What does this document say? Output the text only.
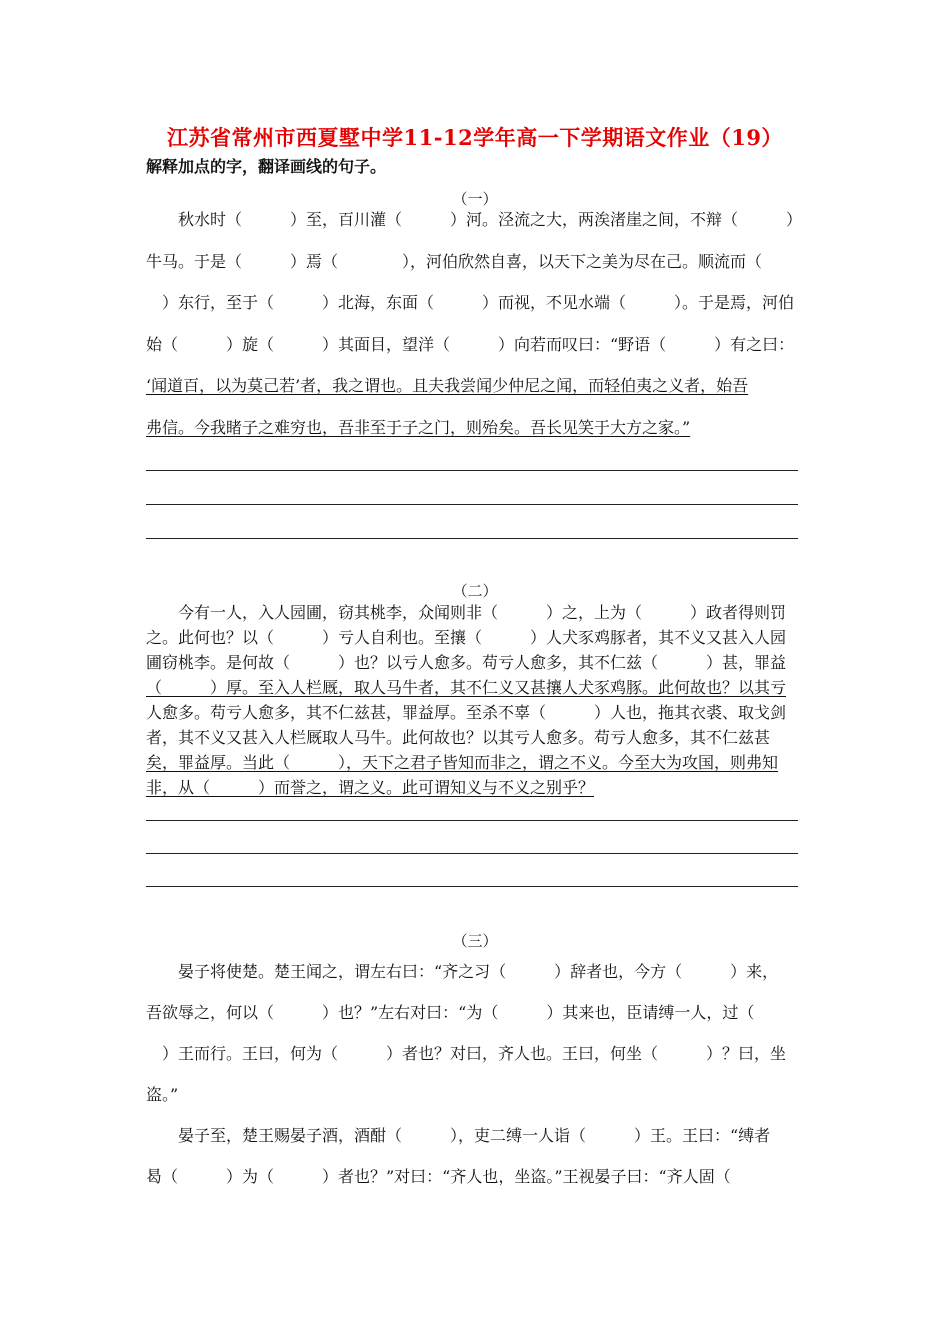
江苏省常州市西夏墅中学11-12学年高一下学期语文作业（19）
解释加点的字，翻译画线的句子。
（一）

　　秋水时（　　　）至，百川灌（　　　）河。泾流之大，两涘渚崖之间，不辩（　　　）

牛马。于是（　　　）焉（　　　　），河伯欣然自喜，以天下之美为尽在己。顺流而（

　）东行，至于（　　　）北海，东面（　　　）而视，不见水端（　　　）。于是焉，河伯

始（　　　）旋（　　　）其面目，望洋（　　　）向若而叹曰：“野语（　　　）有之曰：

‘闻道百，以为莫己若’者，我之谓也。且夫我尝闻少仲尼之闻，而轻伯夷之义者，始吾

弗信。今我睹子之难穷也，吾非至于子之门，则殆矣。吾长见笑于大方之家。”

（二）

　　今有一人，入人园圃，窃其桃李，众闻则非（　　　）之，上为（　　　）政者得则罚

之。此何也？以（　　　）亏人自利也。至攘（　　　）人犬豕鸡豚者，其不义又甚入人园

圃窃桃李。是何故（　　　）也？以亏人愈多。苟亏人愈多，其不仁兹（　　　）甚，罪益

（　　　）厚。至入人栏厩，取人马牛者，其不仁义又甚攘人犬豕鸡豚。此何故也？以其亏

人愈多。苟亏人愈多，其不仁兹甚，罪益厚。至杀不辜（　　　）人也，拖其衣裘、取戈剑

者，其不义又甚入人栏厩取人马牛。此何故也？以其亏人愈多。苟亏人愈多，其不仁兹甚

矣，罪益厚。当此（　　　），天下之君子皆知而非之，谓之不义。今至大为攻国，则弗知

非，从（　　　）而誉之，谓之义。此可谓知义与不义之别乎？

（三）

　　晏子将使楚。楚王闻之，谓左右曰：“齐之习（　　　）辞者也，今方（　　　）来，

吾欲辱之，何以（　　　）也？”左右对曰：“为（　　　）其来也，臣请缚一人，过（

　）王而行。王曰，何为（　　　）者也？对曰，齐人也。王曰，何坐（　　　）？曰，坐

盗。”

　　晏子至，楚王赐晏子酒，酒酣（　　　），吏二缚一人诣（　　　）王。王曰：“缚者

曷（　　　）为（　　　）者也？”对曰：“齐人也，坐盗。”王视晏子曰：“齐人固（
